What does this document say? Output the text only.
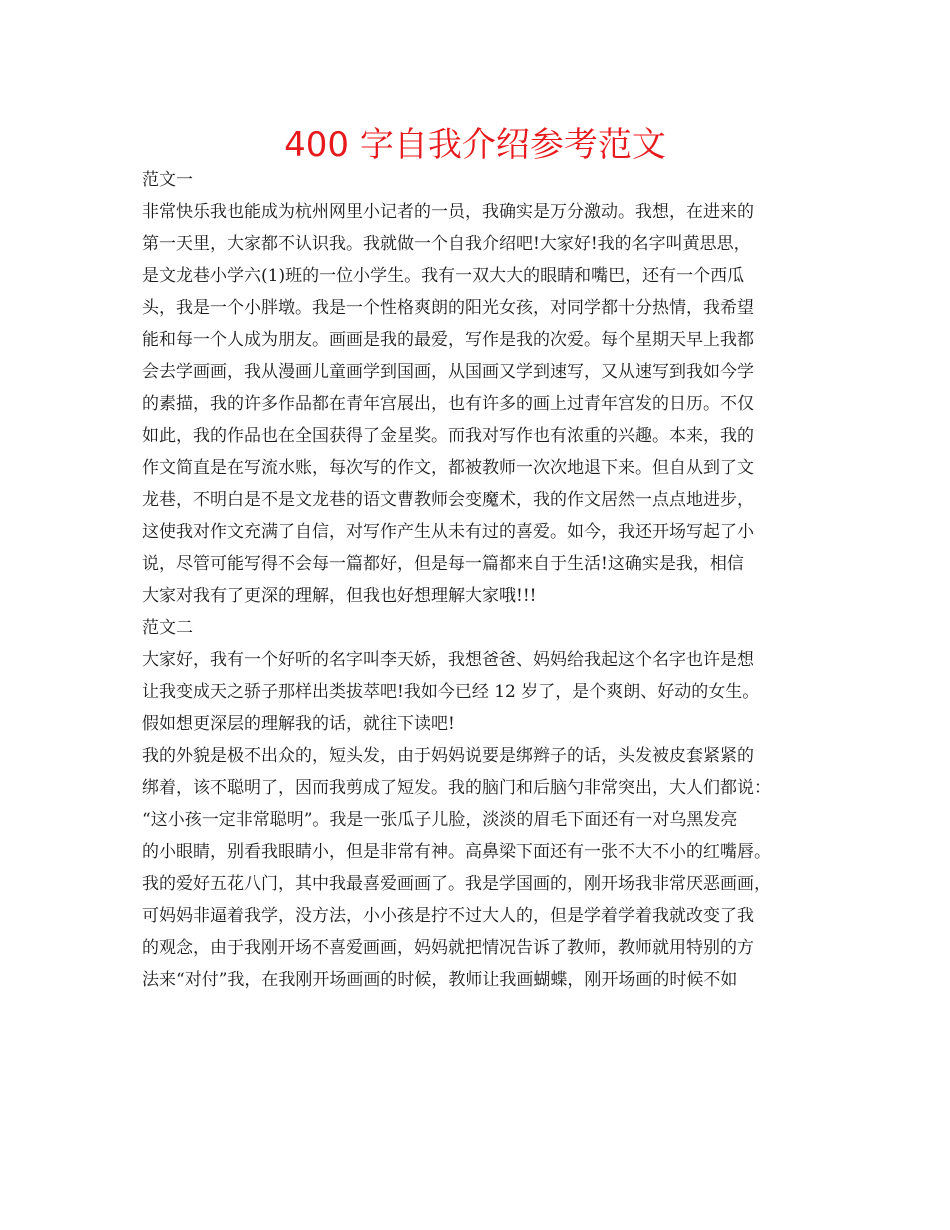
400 字自我介绍参考范文
范文一
非常快乐我也能成为杭州网里小记者的一员，我确实是万分激动。我想，在进来的
第一天里，大家都不认识我。我就做一个自我介绍吧!大家好!我的名字叫黄思思，
是文龙巷小学六(1)班的一位小学生。我有一双大大的眼睛和嘴巴，还有一个西瓜
头，我是一个小胖墩。我是一个性格爽朗的阳光女孩，对同学都十分热情，我希望
能和每一个人成为朋友。画画是我的最爱，写作是我的次爱。每个星期天早上我都
会去学画画，我从漫画儿童画学到国画，从国画又学到速写，又从速写到我如今学
的素描，我的许多作品都在青年宫展出，也有许多的画上过青年宫发的日历。不仅
如此，我的作品也在全国获得了金星奖。而我对写作也有浓重的兴趣。本来，我的
作文简直是在写流水账，每次写的作文，都被教师一次次地退下来。但自从到了文
龙巷，不明白是不是文龙巷的语文曹教师会变魔术，我的作文居然一点点地进步，
这使我对作文充满了自信，对写作产生从未有过的喜爱。如今，我还开场写起了小
说，尽管可能写得不会每一篇都好，但是每一篇都来自于生活!这确实是我，相信
大家对我有了更深的理解，但我也好想理解大家哦!!!
范文二
大家好，我有一个好听的名字叫李天娇，我想爸爸、妈妈给我起这个名字也许是想
让我变成天之骄子那样出类拔萃吧!我如今已经 12 岁了，是个爽朗、好动的女生。
假如想更深层的理解我的话，就往下读吧!
我的外貌是极不出众的，短头发，由于妈妈说要是绑辫子的话，头发被皮套紧紧的
绑着，该不聪明了，因而我剪成了短发。我的脑门和后脑勺非常突出，大人们都说：
“这小孩一定非常聪明”。我是一张瓜子儿脸，淡淡的眉毛下面还有一对乌黑发亮
的小眼睛，别看我眼睛小，但是非常有神。高鼻梁下面还有一张不大不小的红嘴唇。
我的爱好五花八门，其中我最喜爱画画了。我是学国画的，刚开场我非常厌恶画画，
可妈妈非逼着我学，没方法，小小孩是拧不过大人的，但是学着学着我就改变了我
的观念，由于我刚开场不喜爱画画，妈妈就把情况告诉了教师，教师就用特别的方
法来“对付”我，在我刚开场画画的时候，教师让我画蝴蝶，刚开场画的时候不如
